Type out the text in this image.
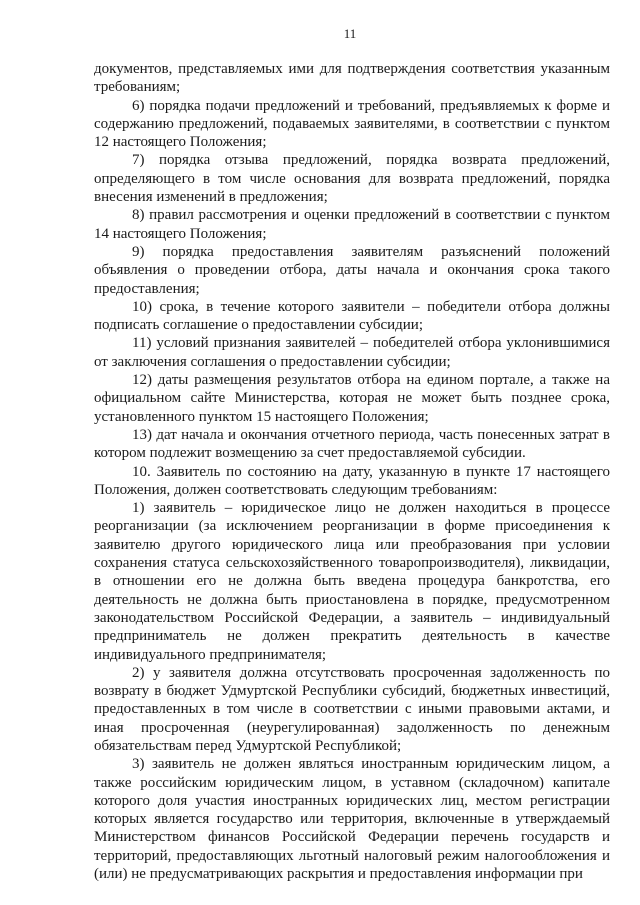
11

документов, представляемых ими для подтверждения соответствия указанным требованиям;

6) порядка подачи предложений и требований, предъявляемых к форме и содержанию предложений, подаваемых заявителями, в соответствии с пунктом 12 настоящего Положения;

7) порядка отзыва предложений, порядка возврата предложений, определяющего в том числе основания для возврата предложений, порядка внесения изменений в предложения;

8) правил рассмотрения и оценки предложений в соответствии с пунктом 14 настоящего Положения;

9) порядка предоставления заявителям разъяснений положений объявления о проведении отбора, даты начала и окончания срока такого предоставления;

10) срока, в течение которого заявители – победители отбора должны подписать соглашение о предоставлении субсидии;

11) условий признания заявителей – победителей отбора уклонившимися от заключения соглашения о предоставлении субсидии;

12) даты размещения результатов отбора на едином портале, а также на официальном сайте Министерства, которая не может быть позднее срока, установленного пунктом 15 настоящего Положения;

13) дат начала и окончания отчетного периода, часть понесенных затрат в котором подлежит возмещению за счет предоставляемой субсидии.

10. Заявитель по состоянию на дату, указанную в пункте 17 настоящего Положения, должен соответствовать следующим требованиям:

1) заявитель – юридическое лицо не должен находиться в процессе реорганизации (за исключением реорганизации в форме присоединения к заявителю другого юридического лица или преобразования при условии сохранения статуса сельскохозяйственного товаропроизводителя), ликвидации, в отношении его не должна быть введена процедура банкротства, его деятельность не должна быть приостановлена в порядке, предусмотренном законодательством Российской Федерации, а заявитель – индивидуальный предприниматель не должен прекратить деятельность в качестве индивидуального предпринимателя;

2) у заявителя должна отсутствовать просроченная задолженность по возврату в бюджет Удмуртской Республики субсидий, бюджетных инвестиций, предоставленных в том числе в соответствии с иными правовыми актами, и иная просроченная (неурегулированная) задолженность по денежным обязательствам перед Удмуртской Республикой;

3) заявитель не должен являться иностранным юридическим лицом, а также российским юридическим лицом, в уставном (складочном) капитале которого доля участия иностранных юридических лиц, местом регистрации которых является государство или территория, включенные в утверждаемый Министерством финансов Российской Федерации перечень государств и территорий, предоставляющих льготный налоговый режим налогообложения и (или) не предусматривающих раскрытия и предоставления информации при
